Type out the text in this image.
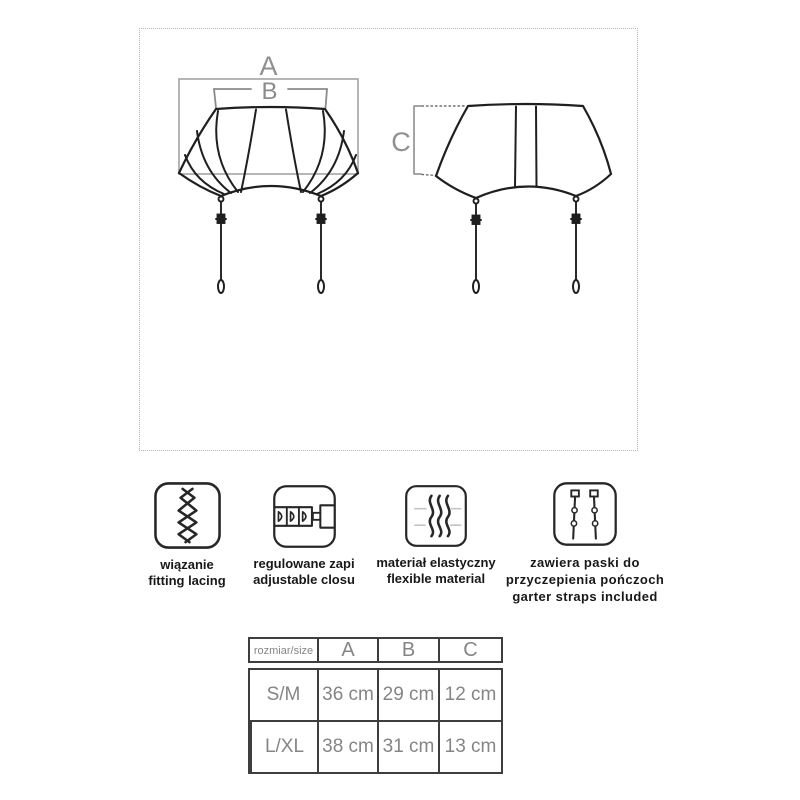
A
B
C
wiązanie
fitting lacing
regulowane zapi
adjustable closu
materiał elastyczny
flexible material
zawiera paski do
przyczepienia pończoch
garter straps included
rozmiar/size	A	B	C
S/M	36 cm 29 cm 12 cm
L/XL 38 cm 31 cm 13 cm
